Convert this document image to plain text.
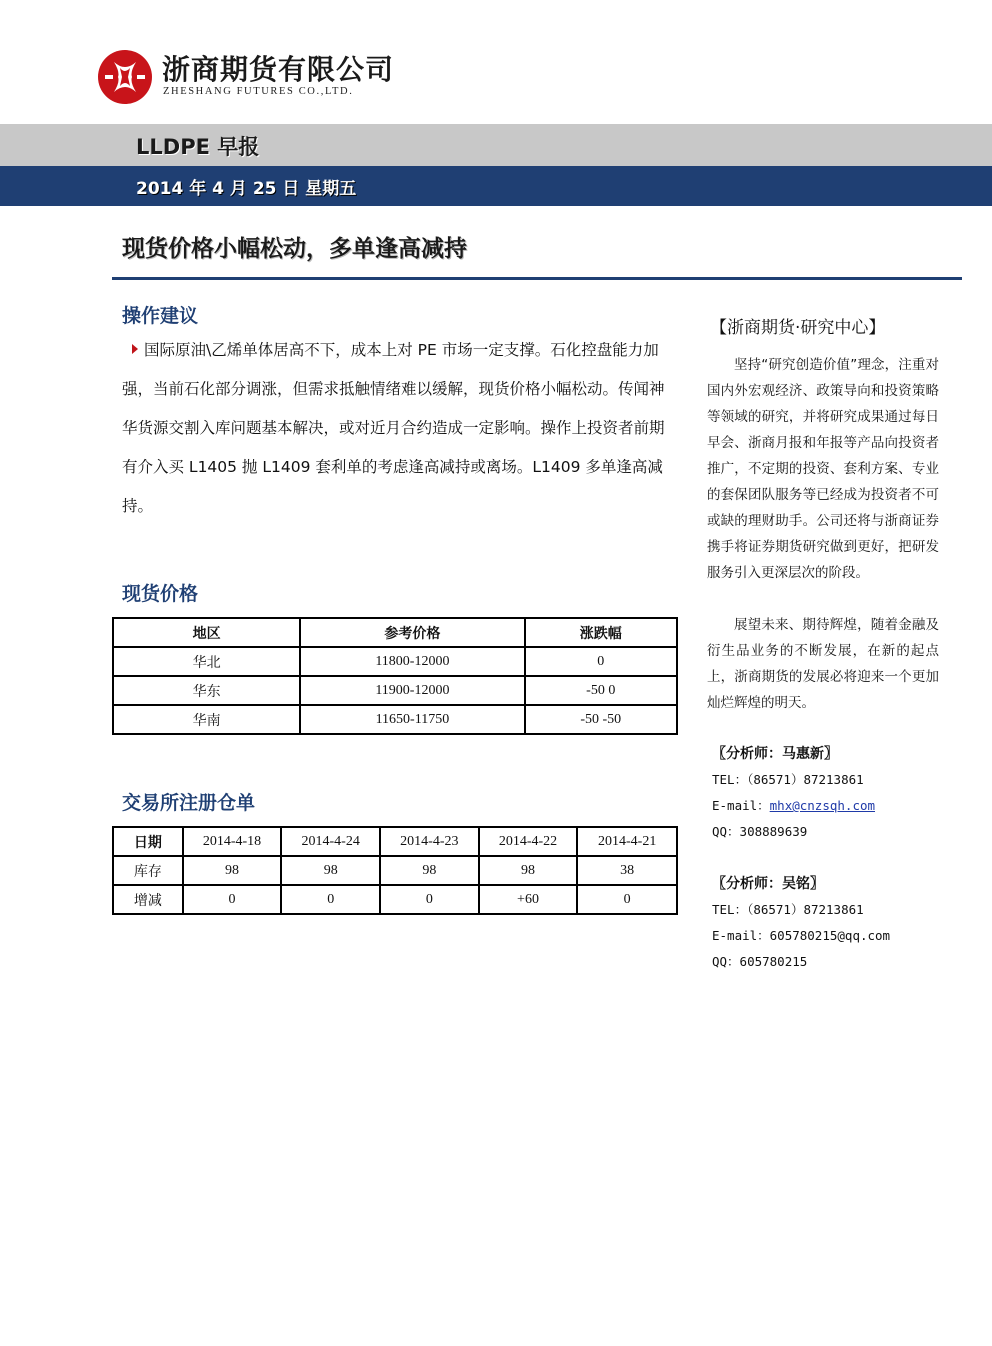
浙商期货有限公司
ZHESHANG FUTURES CO.,LTD.
LLDPE 早报
2014 年 4 月 25 日 星期五
现货价格小幅松动，多单逢高减持
操作建议
国际原油\乙烯单体居高不下，成本上对 PE 市场一定支撑。石化控盘能力加强，当前石化部分调涨，但需求抵触情绪难以缓解，现货价格小幅松动。传闻神华货源交割入库问题基本解决，或对近月合约造成一定影响。操作上投资者前期有介入买 L1405 抛 L1409 套利单的考虑逢高减持或离场。L1409 多单逢高减持。
现货价格
地区	参考价格	涨跌幅
华北	11800-12000	0
华东	11900-12000	-50 0
华南	11650-11750	-50 -50
交易所注册仓单
日期	2014-4-18	2014-4-24	2014-4-23	2014-4-22	2014-4-21
库存	98	98	98	98	38
增减	0	0	0	+60	0
【浙商期货·研究中心】
坚持“研究创造价值”理念，注重对国内外宏观经济、政策导向和投资策略等领域的研究，并将研究成果通过每日早会、浙商月报和年报等产品向投资者推广，不定期的投资、套利方案、专业的套保团队服务等已经成为投资者不可或缺的理财助手。公司还将与浙商证券携手将证券期货研究做到更好，把研发服务引入更深层次的阶段。
展望未来、期待辉煌，随着金融及衍生品业务的不断发展，在新的起点上，浙商期货的发展必将迎来一个更加灿烂辉煌的明天。
〖分析师：马惠新〗
TEL：（86571）87213861
E-mail：mhx@cnzsqh.com
QQ：308889639
〖分析师：吴铭〗
TEL：（86571）87213861
E-mail：605780215@qq.com
QQ：605780215
